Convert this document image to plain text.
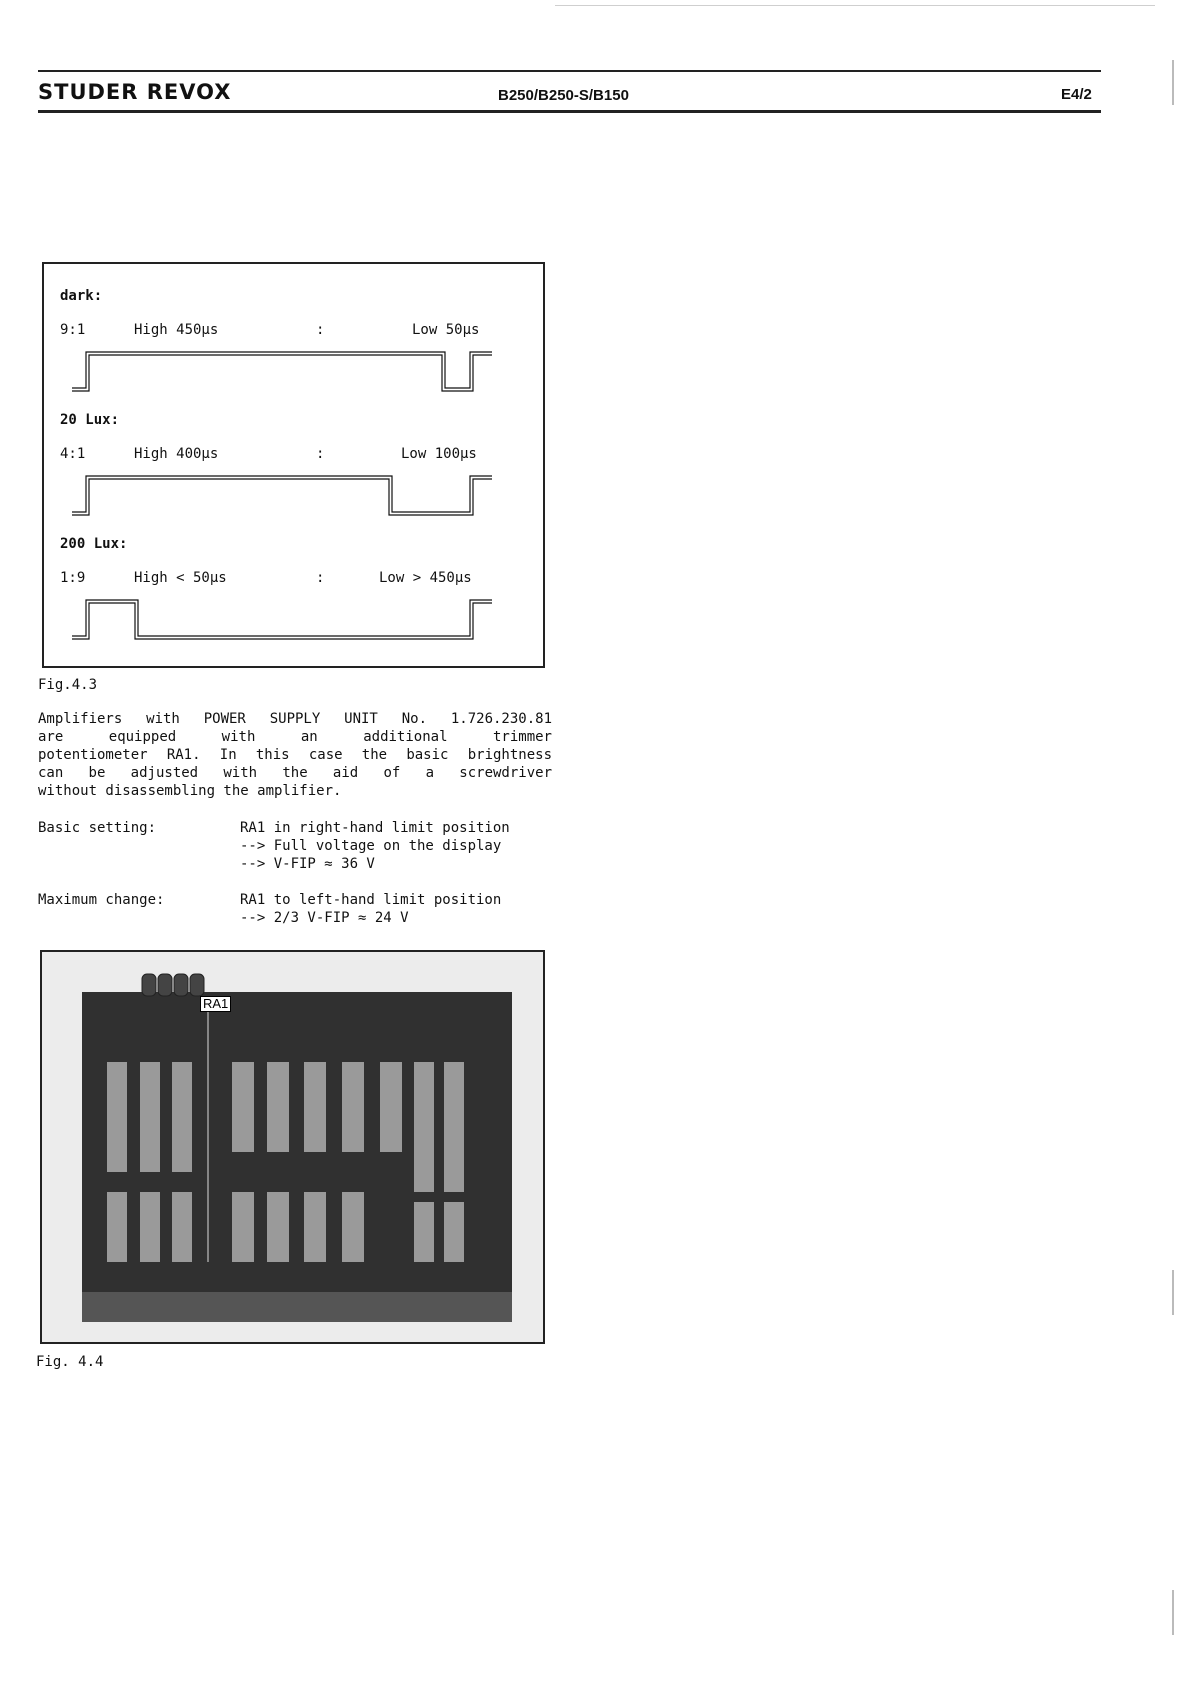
STUDER REVOX	B250/B250-S/B150	E4/2
dark:
9:1	High 450µs	:	Low 50µs
20 Lux:
4:1	High 400µs	:	Low 100µs
200 Lux:
1:9	High < 50µs	:	Low > 450µs
Fig.4.3
Amplifiers with POWER SUPPLY UNIT No. 1.726.230.81
are equipped with an additional trimmer
potentiometer RA1. In this case the basic brightness
can be adjusted with the aid of a screwdriver
without disassembling the amplifier.
Basic setting:	RA1 in right-hand limit position
--> Full voltage on the display
--> V-FIP ≈ 36 V
Maximum change:	RA1 to left-hand limit position
--> 2/3 V-FIP ≈ 24 V
RA1
Fig. 4.4
